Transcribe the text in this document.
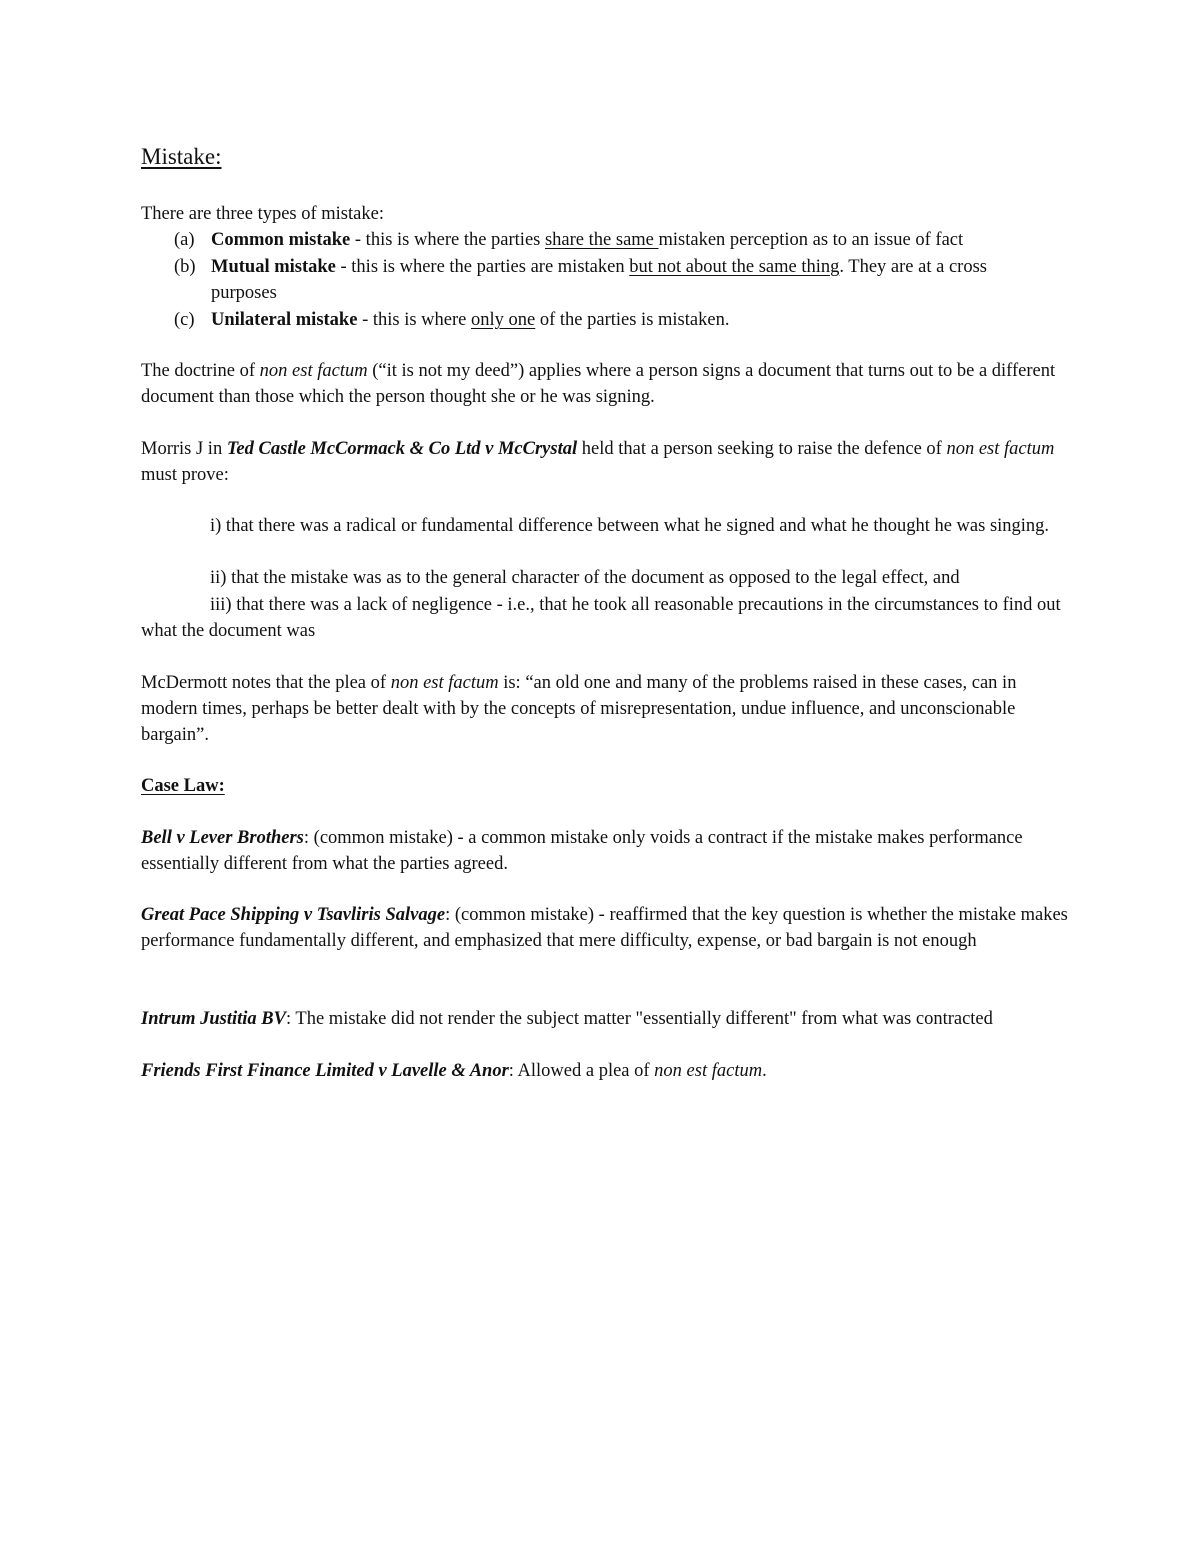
Mistake:
There are three types of mistake:
(a) Common mistake - this is where the parties share the same mistaken perception as to an issue of fact
(b) Mutual mistake - this is where the parties are mistaken but not about the same thing. They are at a cross purposes
(c) Unilateral mistake - this is where only one of the parties is mistaken.
The doctrine of non est factum (“it is not my deed”) applies where a person signs a document that turns out to be a different document than those which the person thought she or he was signing.
Morris J in Ted Castle McCormack & Co Ltd v McCrystal held that a person seeking to raise the defence of non est factum must prove:
i) that there was a radical or fundamental difference between what he signed and what he thought he was singing.
ii) that the mistake was as to the general character of the document as opposed to the legal effect, and
iii) that there was a lack of negligence - i.e., that he took all reasonable precautions in the circumstances to find out what the document was
McDermott notes that the plea of non est factum is: “an old one and many of the problems raised in these cases, can in modern times, perhaps be better dealt with by the concepts of misrepresentation, undue influence, and unconscionable bargain”.
Case Law:
Bell v Lever Brothers: (common mistake) - a common mistake only voids a contract if the mistake makes performance essentially different from what the parties agreed.
Great Pace Shipping v Tsavliris Salvage: (common mistake) - reaffirmed that the key question is whether the mistake makes performance fundamentally different, and emphasized that mere difficulty, expense, or bad bargain is not enough
Intrum Justitia BV: The mistake did not render the subject matter "essentially different" from what was contracted
Friends First Finance Limited v Lavelle & Anor: Allowed a plea of non est factum.
